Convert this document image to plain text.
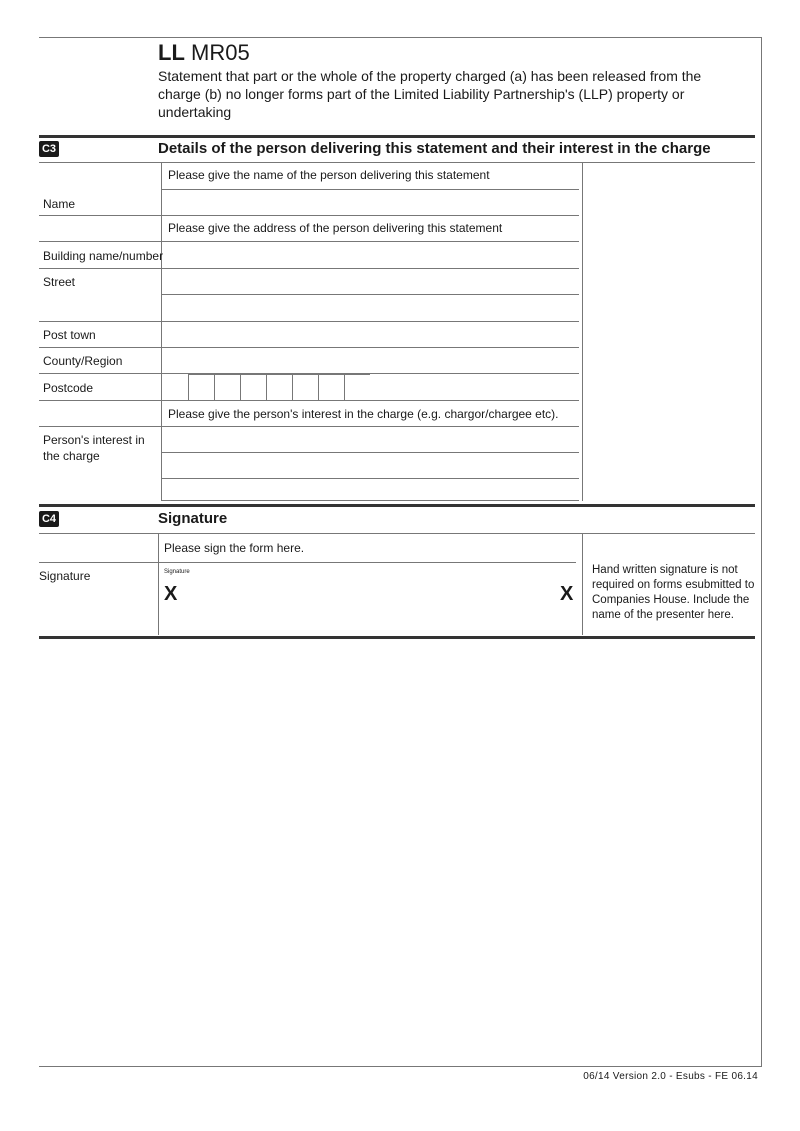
LL MR05
Statement that part or the whole of the property charged (a) has been released from the charge (b) no longer forms part of the Limited Liability Partnership's (LLP) property or undertaking
C3	Details of the person delivering this statement and their interest in the charge
Please give the name of the person delivering this statement
Name
Please give the address of the person delivering this statement
Building name/number
Street
Post town
County/Region
Postcode
Please give the person's interest in the charge (e.g. chargor/chargee etc).
Person's interest in the charge
C4	Signature
Please sign the form here.
Signature	Signature
X	X
Hand written signature is not required on forms esubmitted to Companies House. Include the name of the presenter here.
06/14 Version 2.0 - Esubs - FE 06.14
